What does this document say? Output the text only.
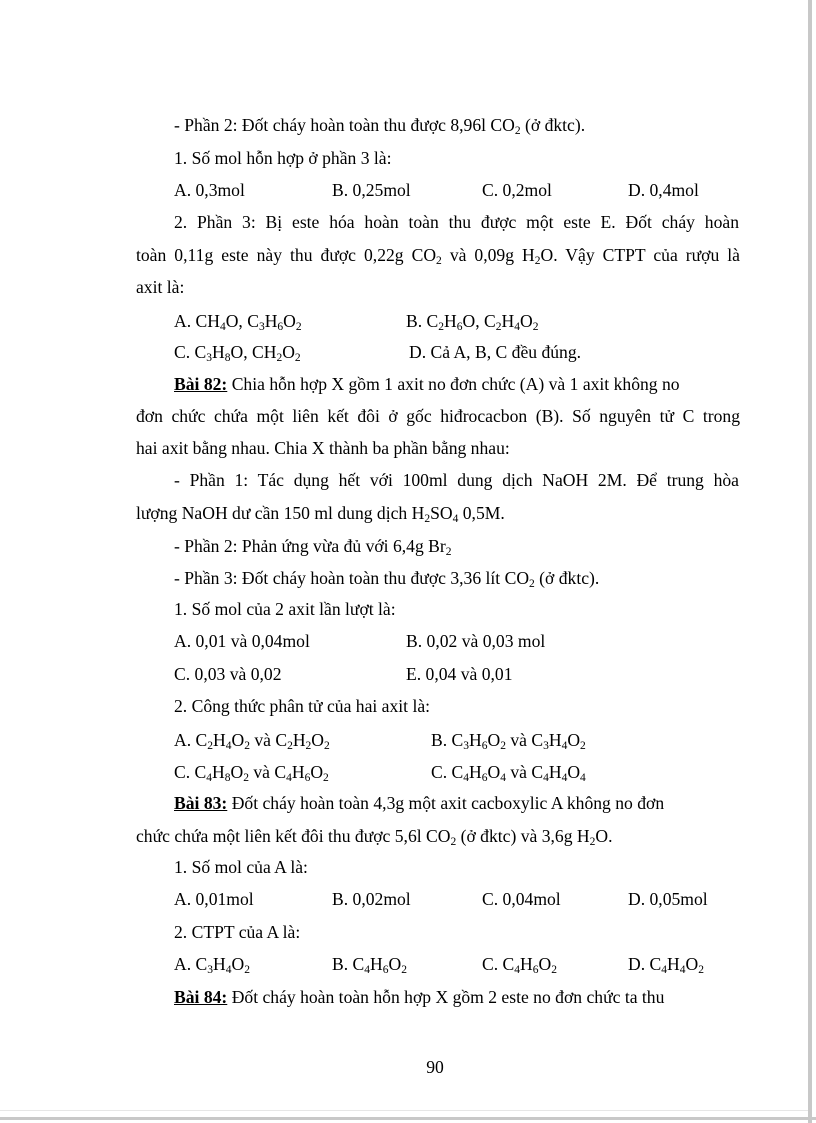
- Phần 2: Đốt cháy hoàn toàn thu được 8,96l $CO_2$ (ở đktc).
1. Số mol hỗn hợp ở phần 3 là:
A. 0,3mol	B. 0,25mol	C. 0,2mol	D. 0,4mol
2. Phần 3: Bị este hóa hoàn toàn thu được một este E. Đốt cháy hoàn
toàn 0,11g este này thu được 0,22g $CO_2$ và 0,09g $H_2O$. Vậy CTPT của rượu là
axit là:
A. $CH_4O$, $C_3H_6O_2$	B. $C_2H_6O$, $C_2H_4O_2$
C. $C_3H_8O$, $CH_2O_2$	D. Cả A, B, C đều đúng.
Bài 82: Chia hỗn hợp X gồm 1 axit no đơn chức (A) và 1 axit không no
đơn chức chứa một liên kết đôi ở gốc hiđrocacbon (B). Số nguyên tử C trong
hai axit bằng nhau. Chia X thành ba phần bằng nhau:
- Phần 1: Tác dụng hết với 100ml dung dịch NaOH 2M. Để trung hòa
lượng NaOH dư cần 150 ml dung dịch $H_2SO_4$ 0,5M.
- Phần 2: Phản ứng vừa đủ với 6,4g $Br_2$
- Phần 3: Đốt cháy hoàn toàn thu được 3,36 lít $CO_2$ (ở đktc).
1. Số mol của 2 axit lần lượt là:
A. 0,01 và 0,04mol	B. 0,02 và 0,03 mol
C. 0,03 và 0,02	E. 0,04 và 0,01
2. Công thức phân tử của hai axit là:
A. $C_2H_4O_2$ và $C_2H_2O_2$	B. $C_3H_6O_2$ và $C_3H_4O_2$
C. $C_4H_8O_2$ và $C_4H_6O_2$	C. $C_4H_6O_4$ và $C_4H_4O_4$
Bài 83: Đốt cháy hoàn toàn 4,3g một axit cacboxylic A không no đơn
chức chứa một liên kết đôi thu được 5,6l $CO_2$ (ở đktc) và 3,6g $H_2O$.
1. Số mol của A là:
A. 0,01mol	B. 0,02mol	C. 0,04mol	D. 0,05mol
2. CTPT của A là:
A. $C_3H_4O_2$	B. $C_4H_6O_2$	C. $C_4H_6O_2$	D. $C_4H_4O_2$
Bài 84: Đốt cháy hoàn toàn hỗn hợp X gồm 2 este no đơn chức ta thu
90
